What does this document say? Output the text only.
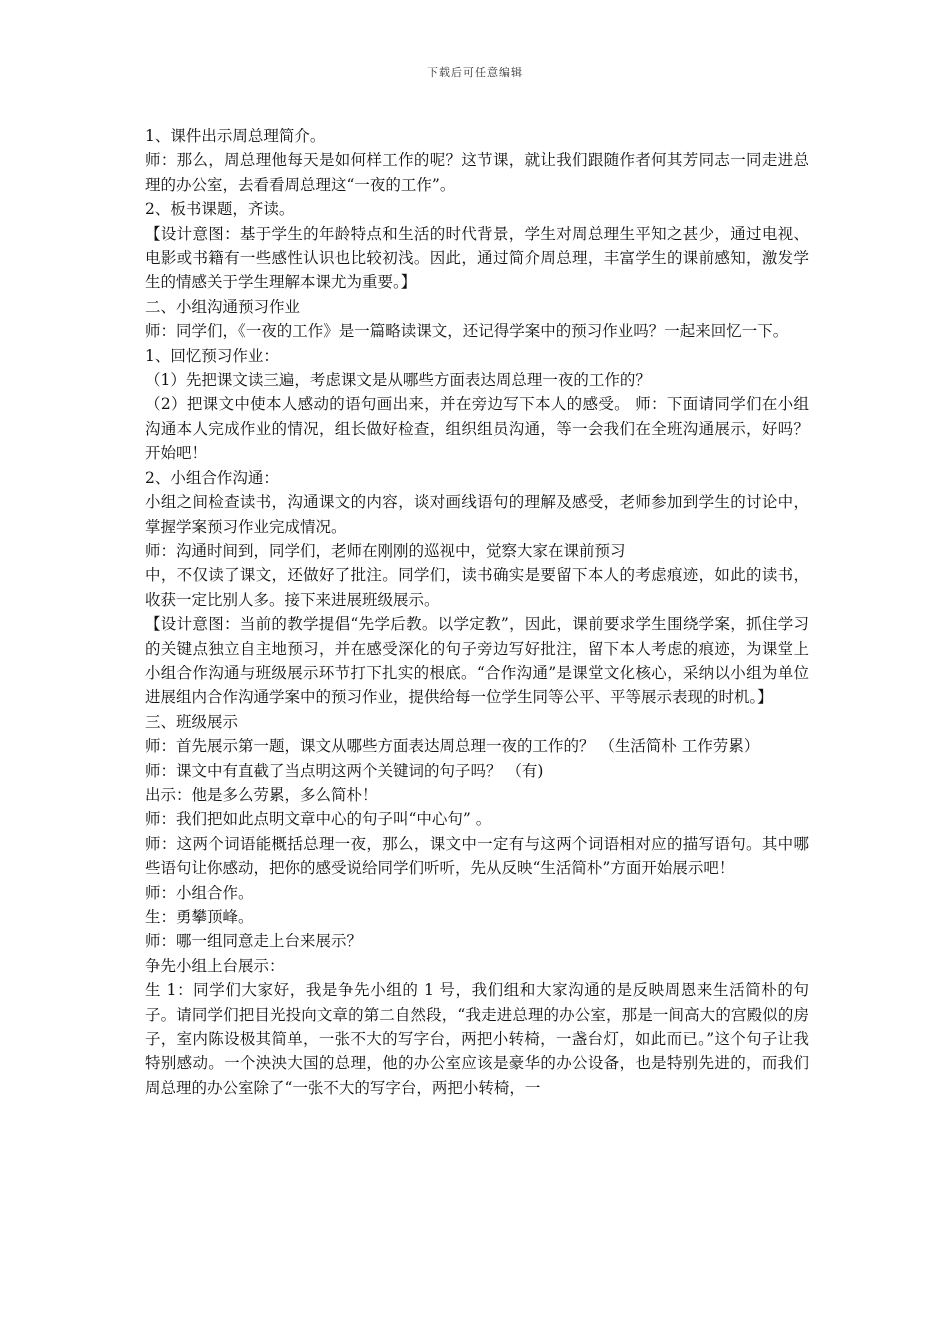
下载后可任意编辑

1、课件出示周总理简介。

师：那么，周总理他每天是如何样工作的呢？这节课，就让我们跟随作者何其芳同志一同走进总理的办公室，去看看周总理这“一夜的工作”。

2、板书课题，齐读。

【设计意图：基于学生的年龄特点和生活的时代背景，学生对周总理生平知之甚少，通过电视、电影或书籍有一些感性认识也比较初浅。因此，通过简介周总理，丰富学生的课前感知，激发学生的情感关于学生理解本课尤为重要。】

二、小组沟通预习作业

师：同学们，《一夜的工作》是一篇略读课文，还记得学案中的预习作业吗？一起来回忆一下。

1、回忆预习作业：

（1）先把课文读三遍，考虑课文是从哪些方面表达周总理一夜的工作的？

（2）把课文中使本人感动的语句画出来，并在旁边写下本人的感受。 师：下面请同学们在小组沟通本人完成作业的情况，组长做好检查，组织组员沟通，等一会我们在全班沟通展示，好吗？开始吧！

2、小组合作沟通：

小组之间检查读书，沟通课文的内容，谈对画线语句的理解及感受，老师参加到学生的讨论中，掌握学案预习作业完成情况。

师：沟通时间到，同学们，老师在刚刚的巡视中，觉察大家在课前预习

中，不仅读了课文，还做好了批注。同学们，读书确实是要留下本人的考虑痕迹，如此的读书，收获一定比别人多。接下来进展班级展示。

【设计意图：当前的教学提倡“先学后教。以学定教”，因此，课前要求学生围绕学案，抓住学习的关键点独立自主地预习，并在感受深化的句子旁边写好批注，留下本人考虑的痕迹，为课堂上小组合作沟通与班级展示环节打下扎实的根底。“合作沟通”是课堂文化核心，采纳以小组为单位进展组内合作沟通学案中的预习作业，提供给每一位学生同等公平、平等展示表现的时机。】

三、班级展示

师：首先展示第一题，课文从哪些方面表达周总理一夜的工作的？ （生活简朴 工作劳累）

师：课文中有直截了当点明这两个关键词的句子吗？ （有)

出示：他是多么劳累，多么简朴！

师：我们把如此点明文章中心的句子叫“中心句” 。

师：这两个词语能概括总理一夜，那么，课文中一定有与这两个词语相对应的描写语句。其中哪些语句让你感动，把你的感受说给同学们听听，先从反映“生活简朴”方面开始展示吧！

师：小组合作。

生：勇攀顶峰。

师：哪一组同意走上台来展示？

争先小组上台展示：

生 1：同学们大家好，我是争先小组的 1 号，我们组和大家沟通的是反映周恩来生活简朴的句子。请同学们把目光投向文章的第二自然段，“我走进总理的办公室，那是一间高大的宫殿似的房子，室内陈设极其简单，一张不大的写字台，两把小转椅，一盏台灯，如此而已。”这个句子让我特别感动。一个泱泱大国的总理，他的办公室应该是豪华的办公设备，也是特别先进的，而我们周总理的办公室除了“一张不大的写字台，两把小转椅，一
